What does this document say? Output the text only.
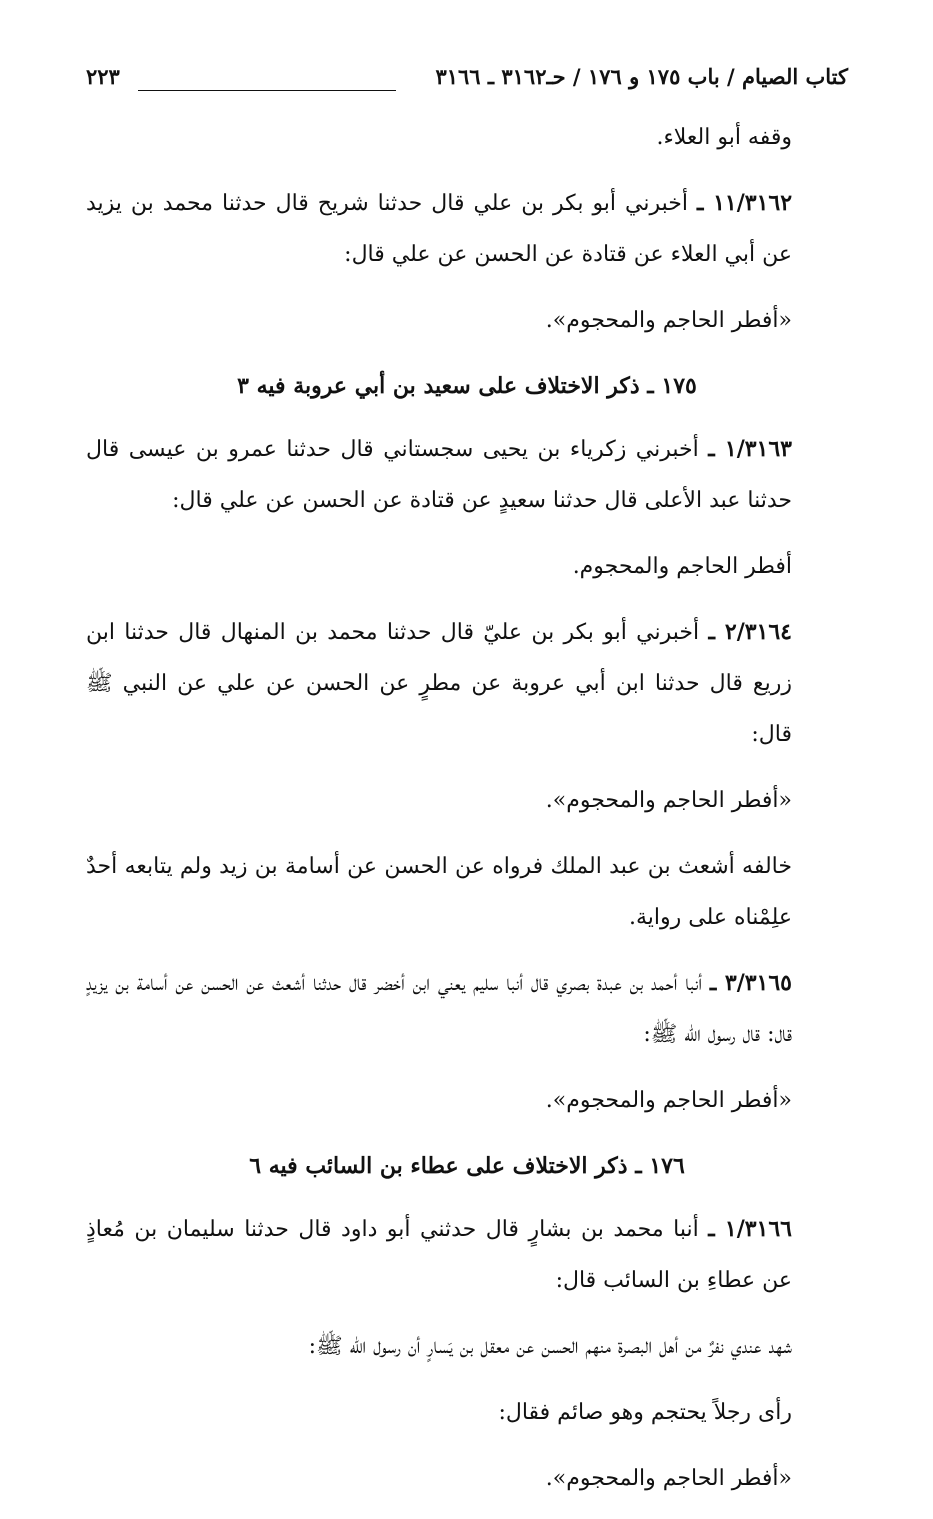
كتاب الصيام / باب ١٧٥ و ١٧٦ / حـ٣١٦٢ ـ ٣١٦٦
٢٢٣

وقفه أبو العلاء.

١١/٣١٦٢ ـ أخبرني أبو بكر بن علي قال حدثنا شريح قال حدثنا محمد بن يزيد عن أبي العلاء عن قتادة عن الحسن عن علي قال:

«أفطر الحاجم والمحجوم».

١٧٥ ـ ذكر الاختلاف على سعيد بن أبي عروبة فيه ٣

١/٣١٦٣ ـ أخبرني زكرياء بن يحيى سجستاني قال حدثنا عمرو بن عيسى قال حدثنا عبد الأعلى قال حدثنا سعيدٍ عن قتادة عن الحسن عن علي قال:

أفطر الحاجم والمحجوم.

٢/٣١٦٤ ـ أخبرني أبو بكر بن عليّ قال حدثنا محمد بن المنهال قال حدثنا ابن زريع قال حدثنا ابن أبي عروبة عن مطرٍ عن الحسن عن علي عن النبي ﷺ قال:

«أفطر الحاجم والمحجوم».

خالفه أشعث بن عبد الملك فرواه عن الحسن عن أسامة بن زيد ولم يتابعه أحدٌ علِمْناه على رواية.

٣/٣١٦٥ ـ أنبا أحمد بن عبدة بصري قال أنبا سليم يعني ابن أخضر قال حدثنا أشعث عن الحسن عن أسامة بن يزيدٍ قال: قال رسول الله ﷺ:

«أفطر الحاجم والمحجوم».

١٧٦ ـ ذكر الاختلاف على عطاء بن السائب فيه ٦

١/٣١٦٦ ـ أنبا محمد بن بشارٍ قال حدثني أبو داود قال حدثنا سليمان بن مُعاذٍ عن عطاءِ بن السائب قال:

شهد عندي نفرٌ من أهل البصرة منهم الحسن عن معقل بن يَسارٍ أن رسول الله ﷺ:

رأى رجلاً يحتجم وهو صائم فقال:

«أفطر الحاجم والمحجوم».
